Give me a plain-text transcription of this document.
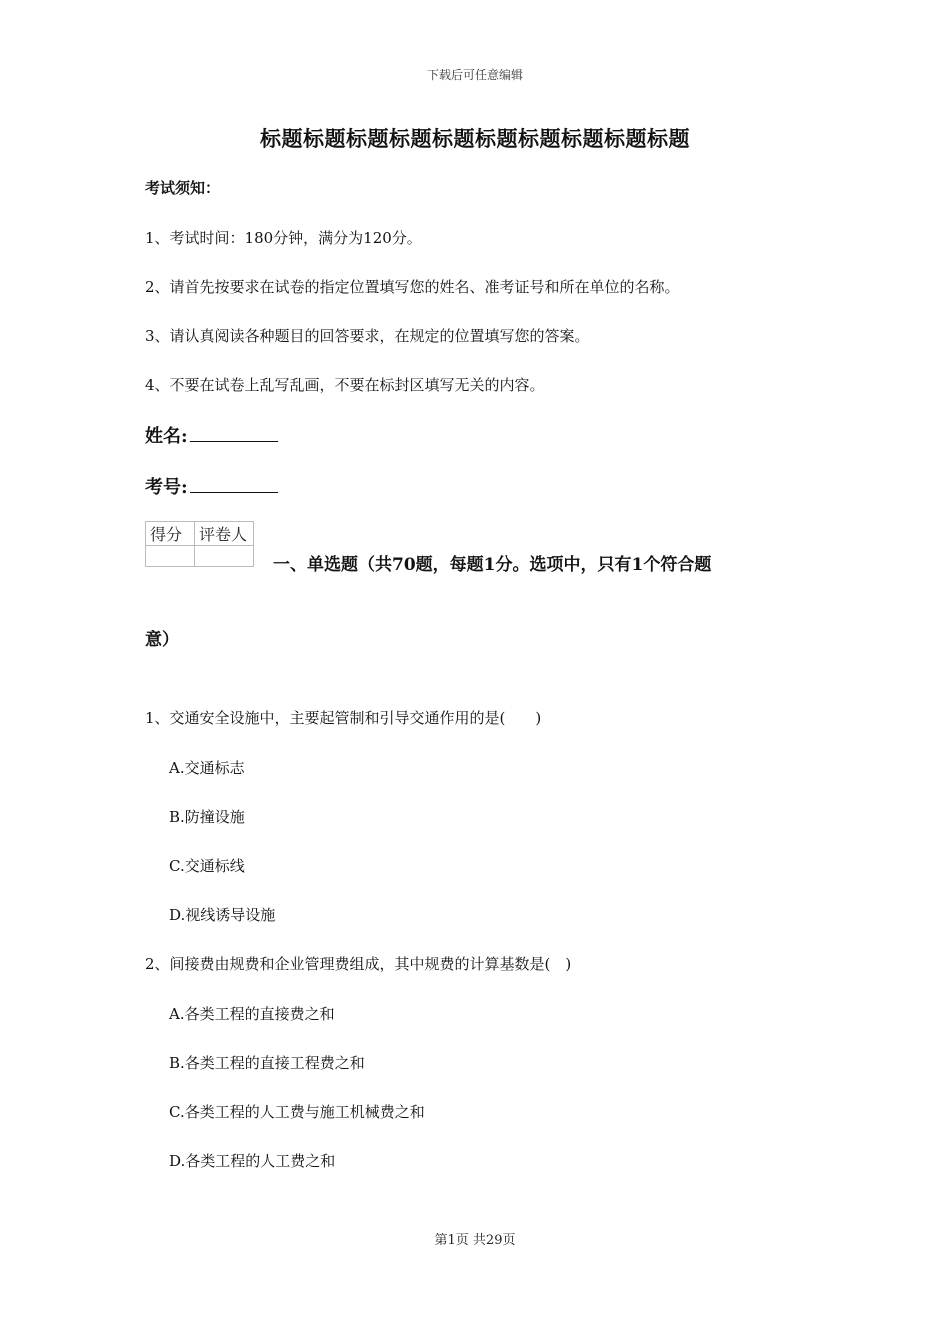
下载后可任意编辑
标题标题标题标题标题标题标题标题标题标题
考试须知：
1、考试时间：180分钟，满分为120分。
2、请首先按要求在试卷的指定位置填写您的姓名、准考证号和所在单位的名称。
3、请认真阅读各种题目的回答要求，在规定的位置填写您的答案。
4、不要在试卷上乱写乱画，不要在标封区填写无关的内容。
姓名:
考号:
得分	评卷人

一、单选题（共70题，每题1分。选项中，只有1个符合题
意）
1、交通安全设施中，主要起管制和引导交通作用的是(　　)
A.交通标志
B.防撞设施
C.交通标线
D.视线诱导设施
2、间接费由规费和企业管理费组成，其中规费的计算基数是(　)
A.各类工程的直接费之和
B.各类工程的直接工程费之和
C.各类工程的人工费与施工机械费之和
D.各类工程的人工费之和
第1页 共29页
